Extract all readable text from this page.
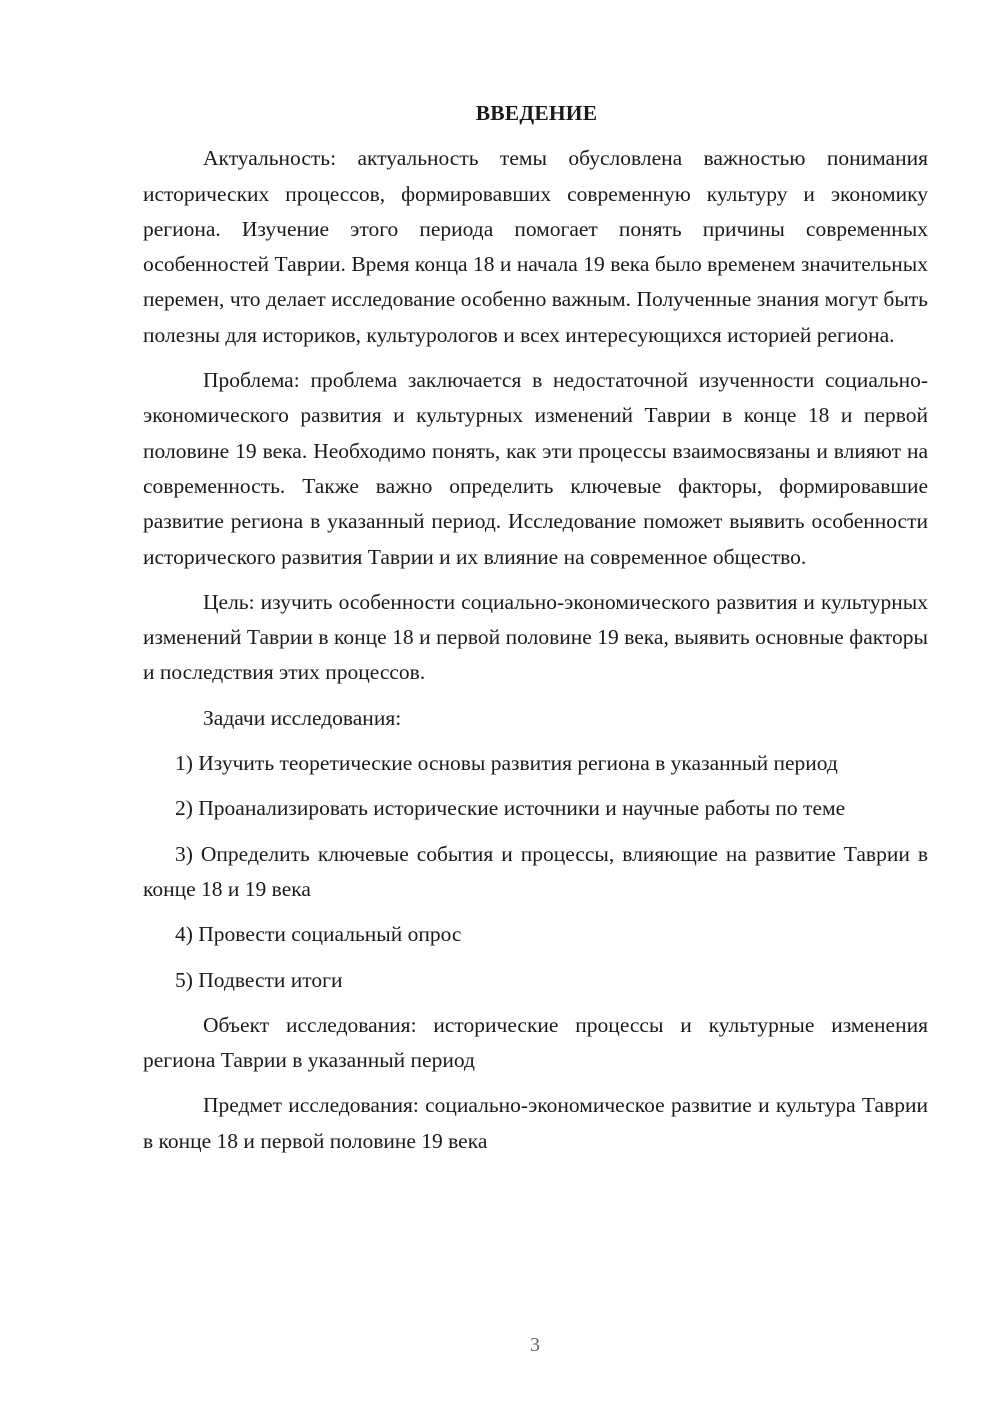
ВВЕДЕНИЕ

Актуальность: актуальность темы обусловлена важностью понимания исторических процессов, формировавших современную культуру и экономику региона. Изучение этого периода помогает понять причины современных особенностей Таврии. Время конца 18 и начала 19 века было временем значительных перемен, что делает исследование особенно важным. Полученные знания могут быть полезны для историков, культурологов и всех интересующихся историей региона.

Проблема: проблема заключается в недостаточной изученности социально-экономического развития и культурных изменений Таврии в конце 18 и первой половине 19 века. Необходимо понять, как эти процессы взаимосвязаны и влияют на современность. Также важно определить ключевые факторы, формировавшие развитие региона в указанный период. Исследование поможет выявить особенности исторического развития Таврии и их влияние на современное общество.

Цель: изучить особенности социально-экономического развития и культурных изменений Таврии в конце 18 и первой половине 19 века, выявить основные факторы и последствия этих процессов.

Задачи исследования:

1) Изучить теоретические основы развития региона в указанный период

2) Проанализировать исторические источники и научные работы по теме

3) Определить ключевые события и процессы, влияющие на развитие Таврии в конце 18 и 19 века

4) Провести социальный опрос

5) Подвести итоги

Объект исследования: исторические процессы и культурные изменения региона Таврии в указанный период

Предмет исследования: социально-экономическое развитие и культура Таврии в конце 18 и первой половине 19 века

3
